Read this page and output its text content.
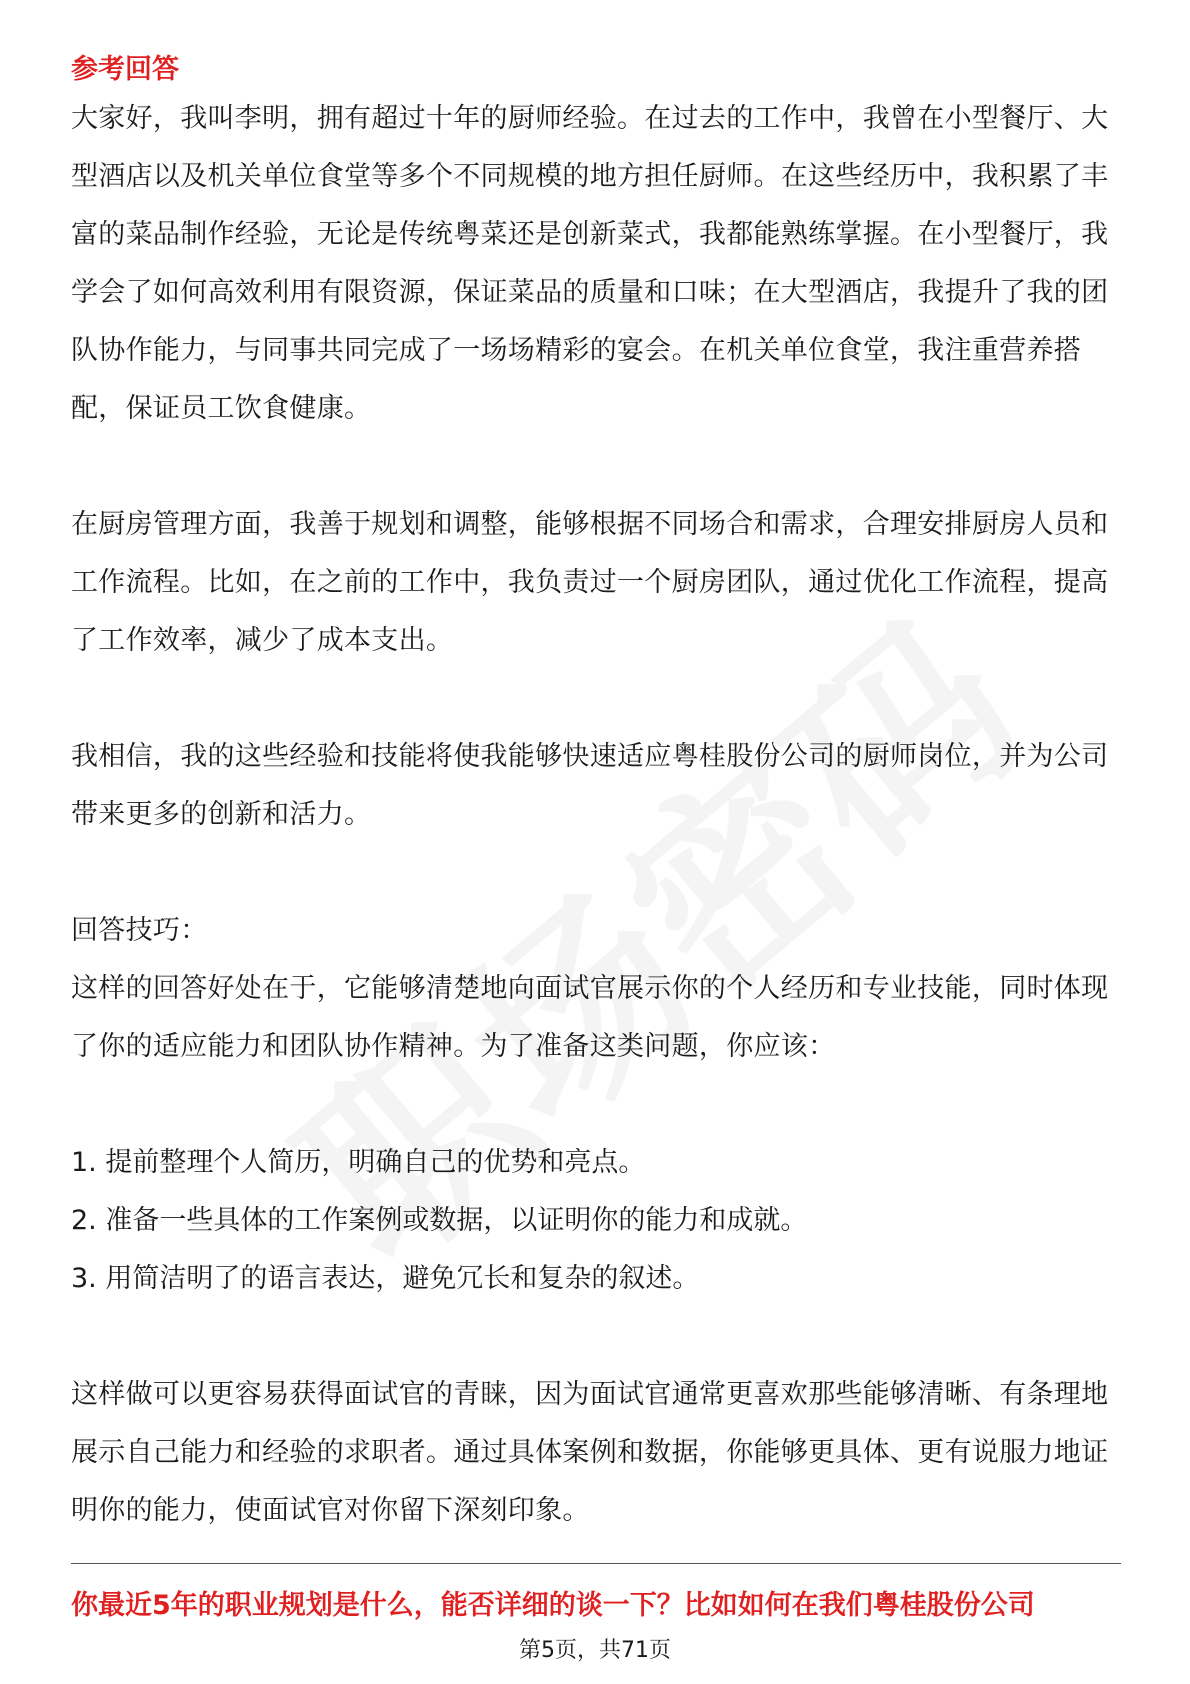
参考回答

大家好，我叫李明，拥有超过十年的厨师经验。在过去的工作中，我曾在小型餐厅、大型酒店以及机关单位食堂等多个不同规模的地方担任厨师。在这些经历中，我积累了丰富的菜品制作经验，无论是传统粤菜还是创新菜式，我都能熟练掌握。在小型餐厅，我学会了如何高效利用有限资源，保证菜品的质量和口味；在大型酒店，我提升了我的团队协作能力，与同事共同完成了一场场精彩的宴会。在机关单位食堂，我注重营养搭配，保证员工饮食健康。

在厨房管理方面，我善于规划和调整，能够根据不同场合和需求，合理安排厨房人员和工作流程。比如，在之前的工作中，我负责过一个厨房团队，通过优化工作流程，提高了工作效率，减少了成本支出。

我相信，我的这些经验和技能将使我能够快速适应粤桂股份公司的厨师岗位，并为公司带来更多的创新和活力。

回答技巧：

这样的回答好处在于，它能够清楚地向面试官展示你的个人经历和专业技能，同时体现了你的适应能力和团队协作精神。为了准备这类问题，你应该：

1. 提前整理个人简历，明确自己的优势和亮点。

2. 准备一些具体的工作案例或数据，以证明你的能力和成就。

3. 用简洁明了的语言表达，避免冗长和复杂的叙述。

这样做可以更容易获得面试官的青睐，因为面试官通常更喜欢那些能够清晰、有条理地展示自己能力和经验的求职者。通过具体案例和数据，你能够更具体、更有说服力地证明你的能力，使面试官对你留下深刻印象。

你最近5年的职业规划是什么，能否详细的谈一下？比如如何在我们粤桂股份公司
第5页，共71页
